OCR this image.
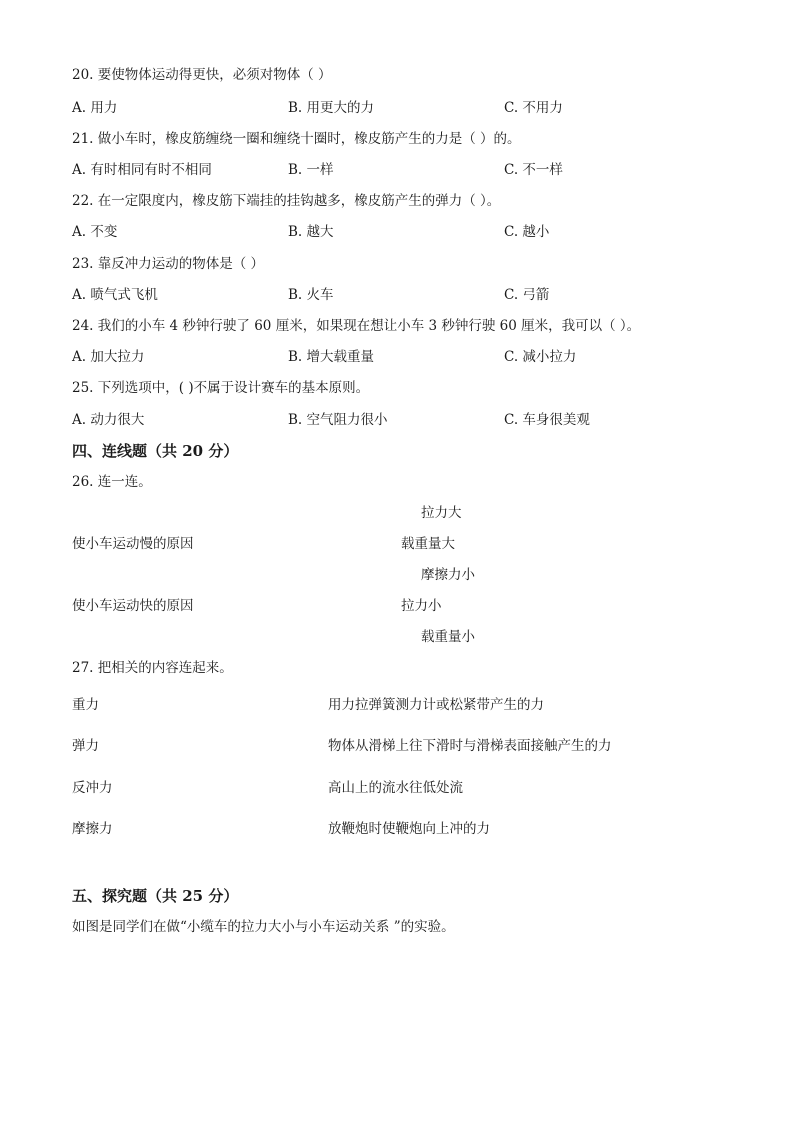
20. 要使物体运动得更快，必须对物体（ ）
A. 用力	B. 用更大的力	C. 不用力
21. 做小车时，橡皮筋缠绕一圈和缠绕十圈时，橡皮筋产生的力是（ ）的。
A. 有时相同有时不相同	B. 一样	C. 不一样
22. 在一定限度内，橡皮筋下端挂的挂钩越多，橡皮筋产生的弹力（ ）。
A. 不变	B. 越大	C. 越小
23. 靠反冲力运动的物体是（ ）
A. 喷气式飞机	B. 火车	C. 弓箭
24. 我们的小车 4 秒钟行驶了 60 厘米，如果现在想让小车 3 秒钟行驶 60 厘米，我可以（ ）。
A. 加大拉力	B. 增大载重量	C. 减小拉力
25. 下列选项中，( )不属于设计赛车的基本原则。
A. 动力很大	B. 空气阻力很小	C. 车身很美观
四、连线题（共 20 分）
26. 连一连。
拉力大
使小车运动慢的原因	载重量大
摩擦力小
使小车运动快的原因	拉力小
载重量小
27. 把相关的内容连起来。
重力	用力拉弹簧测力计或松紧带产生的力
弹力	物体从滑梯上往下滑时与滑梯表面接触产生的力
反冲力	高山上的流水往低处流
摩擦力	放鞭炮时使鞭炮向上冲的力
五、探究题（共 25 分）
如图是同学们在做“小缆车的拉力大小与小车运动关系 ”的实验。
